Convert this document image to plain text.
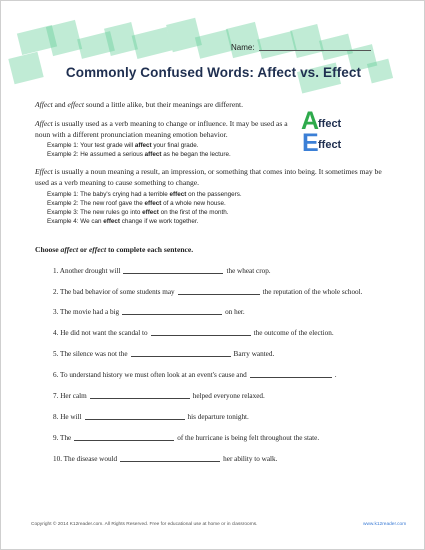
Name:
Commonly Confused Words: Affect vs. Effect
Affect and effect sound a little alike, but their meanings are different.
Affect is usually used as a verb meaning to change or influence. It may be used as a noun with a different pronunciation meaning emotion behavior.	A
ffect
E ffect
Example 1: Your test grade will affect your final grade.
Example 2: He assumed a serious affect as he began the lecture.
Effect is usually a noun meaning a result, an impression, or something that comes into being. It sometimes may be used as a verb meaning to cause something to change.
Example 1: The baby's crying had a terrible effect on the passengers.
Example 2: The new roof gave the effect of a whole new house.
Example 3: The new rules go into effect on the first of the month.
Example 4: We can effect change if we work together.
Choose affect or effect to complete each sentence.
1. Another drought will	the wheat crop.
2. The bad behavior of some students may	the reputation of the whole school.
3. The movie had a big	on her.
4. He did not want the scandal to	the outcome of the election.
5. The silence was not the	Barry wanted.
6. To understand history we must often look at an event's cause and	.
7. Her calm	helped everyone relaxed.
8. He will	his departure tonight.
9. The	of the hurricane is being felt throughout the state.
10. The disease would	her ability to walk.
Copyright © 2014 K12reader.com. All Rights Reserved. Free for educational use at home or in classrooms.	www.k12reader.com
